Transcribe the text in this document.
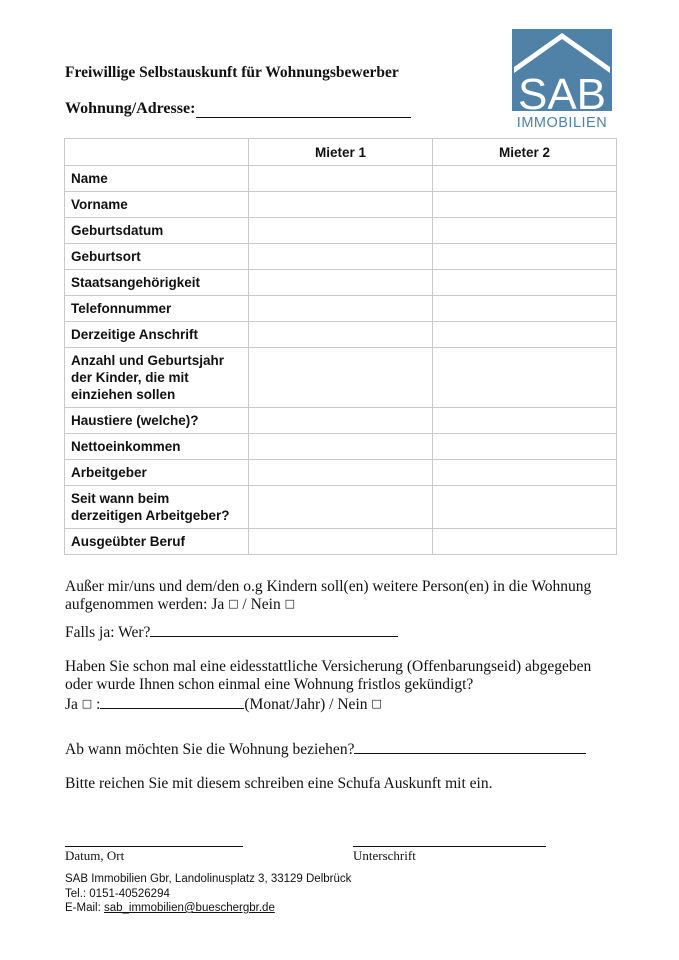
Freiwillige Selbstauskunft für Wohnungsbewerber
Wohnung/Adresse:	SAB
IMMOBILIEN
	Mieter 1	Mieter 2
Name		
Vorname		
Geburtsdatum		
Geburtsort		
Staatsangehörigkeit		
Telefonnummer		
Derzeitige Anschrift		
Anzahl und Geburtsjahr der Kinder, die mit einziehen sollen		
Haustiere (welche)?		
Nettoeinkommen		
Arbeitgeber		
Seit wann beim derzeitigen Arbeitgeber?		
Ausgeübter Beruf		
Außer mir/uns und dem/den o.g Kindern soll(en) weitere Person(en) in die Wohnung
aufgenommen werden: Ja □ / Nein □
Falls ja: Wer?
Haben Sie schon mal eine eidesstattliche Versicherung (Offenbarungseid) abgegeben
oder wurde Ihnen schon einmal eine Wohnung fristlos gekündigt?
Ja □ :	(Monat/Jahr) / Nein □
Ab wann möchten Sie die Wohnung beziehen?
Bitte reichen Sie mit diesem schreiben eine Schufa Auskunft mit ein.
Datum, Ort	Unterschrift
SAB Immobilien Gbr, Landolinusplatz 3, 33129 Delbrück
Tel.: 0151-40526294
E-Mail: sab_immobilien@bueschergbr.de
